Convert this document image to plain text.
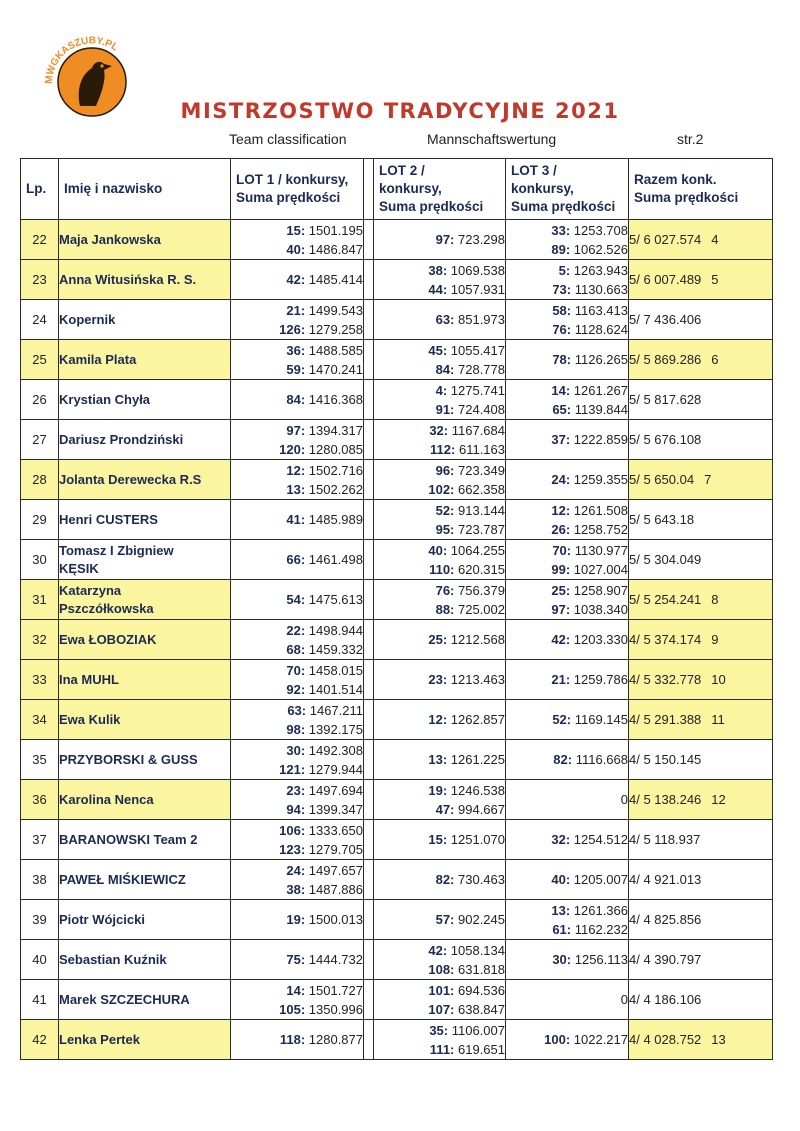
MWGKASZUBY.PL
MISTRZOSTWO TRADYCYJNE 2021
Team classification	Mannschaftswertung	str.2
Lp.	Imię i nazwisko	LOT 1 / konkursy,
Suma prędkości		LOT 2 /
konkursy,
Suma prędkości	LOT 3 /
konkursy,
Suma prędkości	Razem konk.
Suma prędkości

22	Maja Jankowska	15: 1501.195
40: 1486.847		97: 723.298	33: 1253.708
89: 1062.526	5/ 6 027.574 4
23	Anna Witusińska R. S.	42: 1485.414		38: 1069.538
44: 1057.931	5: 1263.943
73: 1130.663	5/ 6 007.489 5
24	Kopernik	21: 1499.543
126: 1279.258		63: 851.973	58: 1163.413
76: 1128.624	5/ 7 436.406
25	Kamila Plata	36: 1488.585
59: 1470.241		45: 1055.417
84: 728.778	78: 1126.265	5/ 5 869.286 6
26	Krystian Chyła	84: 1416.368		4: 1275.741
91: 724.408	14: 1261.267
65: 1139.844	5/ 5 817.628
27	Dariusz Prondziński	97: 1394.317
120: 1280.085		32: 1167.684
112: 611.163	37: 1222.859	5/ 5 676.108
28	Jolanta Derewecka R.S	12: 1502.716
13: 1502.262		96: 723.349
102: 662.358	24: 1259.355	5/ 5 650.04 7
29	Henri CUSTERS	41: 1485.989		52: 913.144
95: 723.787	12: 1261.508
26: 1258.752	5/ 5 643.18
30	Tomasz I Zbigniew
KĘSIK	66: 1461.498		40: 1064.255
110: 620.315	70: 1130.977
99: 1027.004	5/ 5 304.049
31	Katarzyna
Pszczółkowska	54: 1475.613		76: 756.379
88: 725.002	25: 1258.907
97: 1038.340	5/ 5 254.241 8
32	Ewa ŁOBOZIAK	22: 1498.944
68: 1459.332		25: 1212.568	42: 1203.330	4/ 5 374.174 9
33	Ina MUHL	70: 1458.015
92: 1401.514		23: 1213.463	21: 1259.786	4/ 5 332.778 10
34	Ewa Kulik	63: 1467.211
98: 1392.175		12: 1262.857	52: 1169.145	4/ 5 291.388 11
35	PRZYBORSKI & GUSS	30: 1492.308
121: 1279.944		13: 1261.225	82: 1116.668	4/ 5 150.145
36	Karolina Nenca	23: 1497.694
94: 1399.347		19: 1246.538
47: 994.667	0	4/ 5 138.246 12
37	BARANOWSKI Team 2	106: 1333.650
123: 1279.705		15: 1251.070	32: 1254.512	4/ 5 118.937
38	PAWEŁ MIŚKIEWICZ	24: 1497.657
38: 1487.886		82: 730.463	40: 1205.007	4/ 4 921.013
39	Piotr Wójcicki	19: 1500.013		57: 902.245	13: 1261.366
61: 1162.232	4/ 4 825.856
40	Sebastian Kuźnik	75: 1444.732		42: 1058.134
108: 631.818	30: 1256.113	4/ 4 390.797
41	Marek SZCZECHURA	14: 1501.727
105: 1350.996		101: 694.536
107: 638.847	0	4/ 4 186.106
42	Lenka Pertek	118: 1280.877		35: 1106.007
111: 619.651	100: 1022.217	4/ 4 028.752 13
